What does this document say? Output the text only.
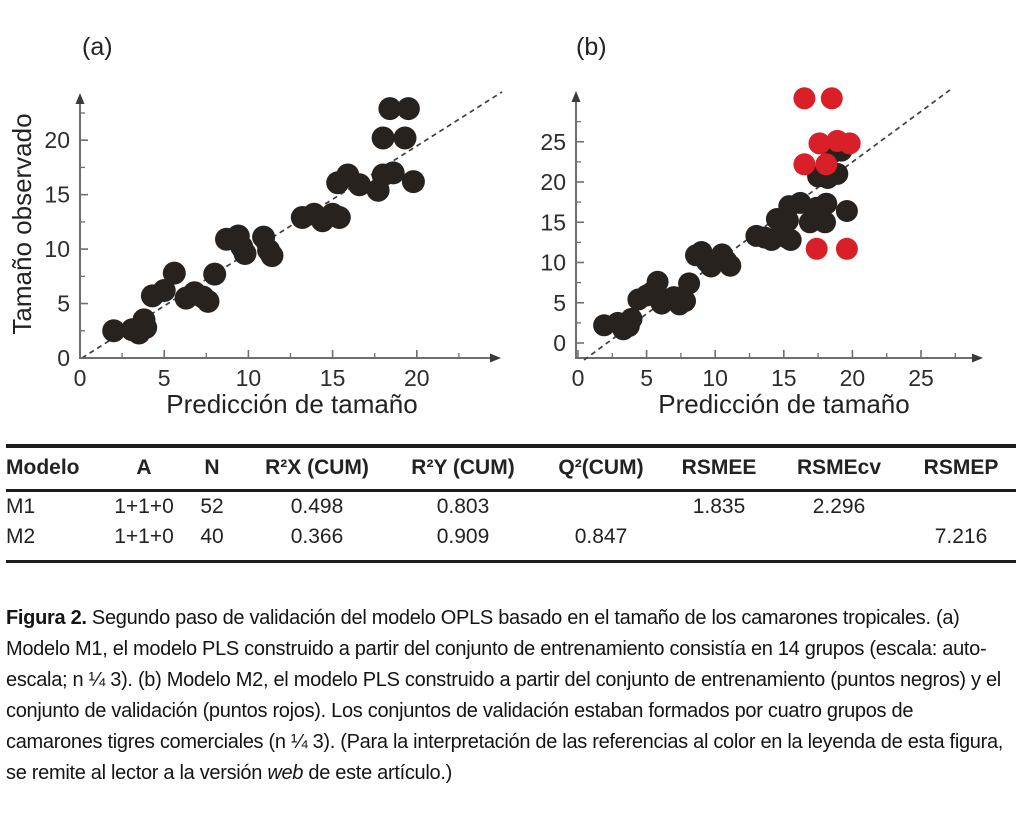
0	5	10	15	20
0
5
10
15
20
0 5 10 15 20 25
0
5
10
15
20
25
(a)	(b)
Tamaño observado
Predicción de tamaño	Predicción de tamaño
Modelo	A	N	R²X (CUM)	R²Y (CUM)	Q²(CUM)	RSMEE	RSMEcv	RSMEP
M1	1+1+0	52	0.498	0.803		1.835	2.296	
M2	1+1+0	40	0.366	0.909	0.847			7.216

Figura 2. Segundo paso de validación del modelo OPLS basado en el tamaño de los camarones tropicales. (a) Modelo M1, el modelo PLS construido a partir del conjunto de entrenamiento consistía en 14 grupos (escala: auto-escala; n ¼ 3). (b) Modelo M2, el modelo PLS construido a partir del conjunto de entrenamiento (puntos negros) y el conjunto de validación (puntos rojos). Los conjuntos de validación estaban formados por cuatro grupos de camarones tigres comerciales (n ¼ 3). (Para la interpretación de las referencias al color en la leyenda de esta figura, se remite al lector a la versión web de este artículo.)
